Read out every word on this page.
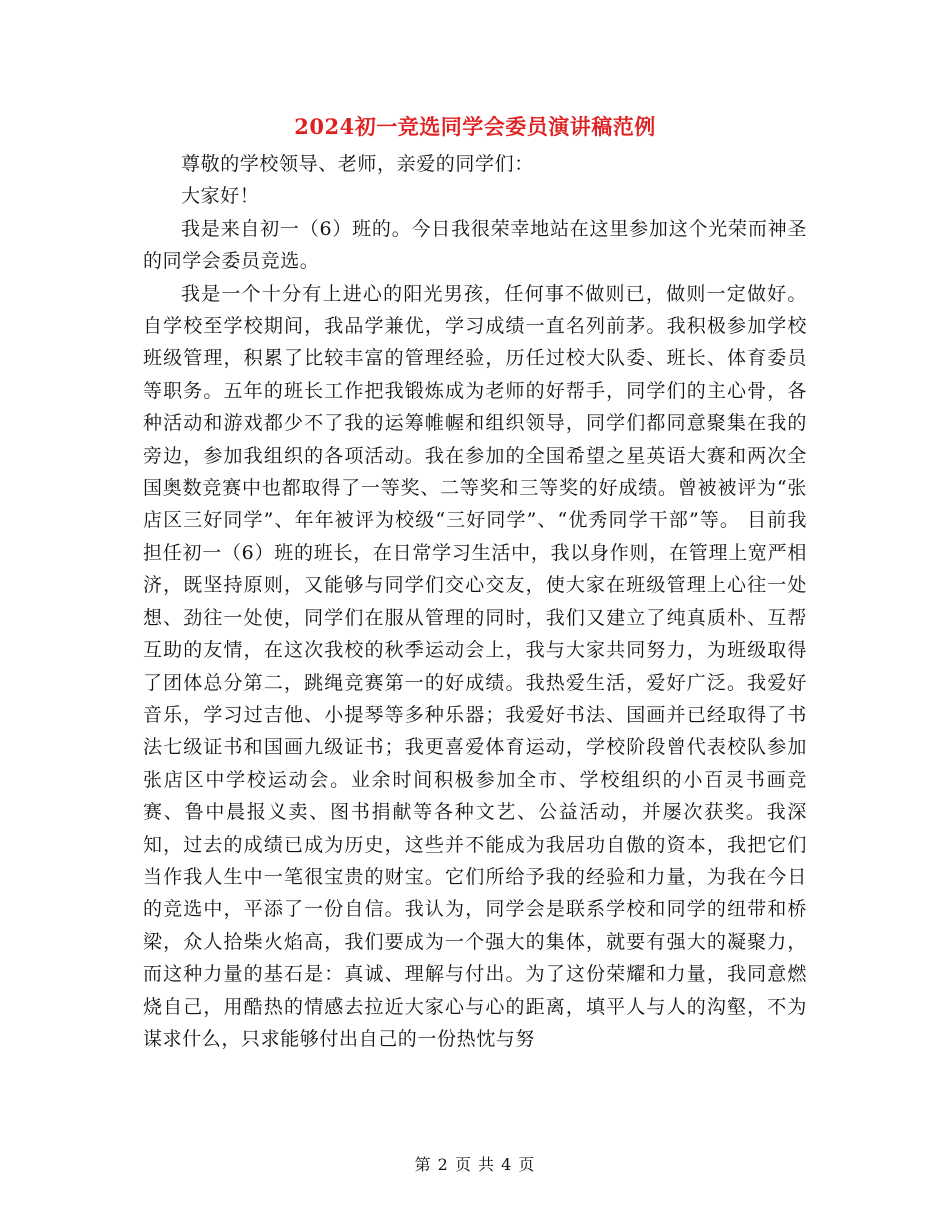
2024初一竞选同学会委员演讲稿范例

尊敬的学校领导、老师，亲爱的同学们：

大家好！

我是来自初一（6）班的。今日我很荣幸地站在这里参加这个光荣而神圣的同学会委员竞选。

我是一个十分有上进心的阳光男孩，任何事不做则已，做则一定做好。自学校至学校期间，我品学兼优，学习成绩一直名列前茅。我积极参加学校班级管理，积累了比较丰富的管理经验，历任过校大队委、班长、体育委员等职务。五年的班长工作把我锻炼成为老师的好帮手，同学们的主心骨，各种活动和游戏都少不了我的运筹帷幄和组织领导，同学们都同意聚集在我的旁边，参加我组织的各项活动。我在参加的全国希望之星英语大赛和两次全国奥数竞赛中也都取得了一等奖、二等奖和三等奖的好成绩。曾被被评为“张店区三好同学”、年年被评为校级“三好同学”、“优秀同学干部”等。 目前我担任初一（6）班的班长，在日常学习生活中，我以身作则，在管理上宽严相济，既坚持原则，又能够与同学们交心交友，使大家在班级管理上心往一处想、劲往一处使，同学们在服从管理的同时，我们又建立了纯真质朴、互帮互助的友情，在这次我校的秋季运动会上，我与大家共同努力，为班级取得了团体总分第二，跳绳竞赛第一的好成绩。我热爱生活，爱好广泛。我爱好音乐，学习过吉他、小提琴等多种乐器；我爱好书法、国画并已经取得了书法七级证书和国画九级证书；我更喜爱体育运动，学校阶段曾代表校队参加张店区中学校运动会。业余时间积极参加全市、学校组织的小百灵书画竞赛、鲁中晨报义卖、图书捐献等各种文艺、公益活动，并屡次获奖。我深知，过去的成绩已成为历史，这些并不能成为我居功自傲的资本，我把它们当作我人生中一笔很宝贵的财宝。它们所给予我的经验和力量，为我在今日的竞选中，平添了一份自信。我认为，同学会是联系学校和同学的纽带和桥梁，众人拾柴火焰高，我们要成为一个强大的集体，就要有强大的凝聚力，而这种力量的基石是：真诚、理解与付出。为了这份荣耀和力量，我同意燃烧自己，用酷热的情感去拉近大家心与心的距离，填平人与人的沟壑，不为谋求什么，只求能够付出自己的一份热忱与努

第 2 页 共 4 页
